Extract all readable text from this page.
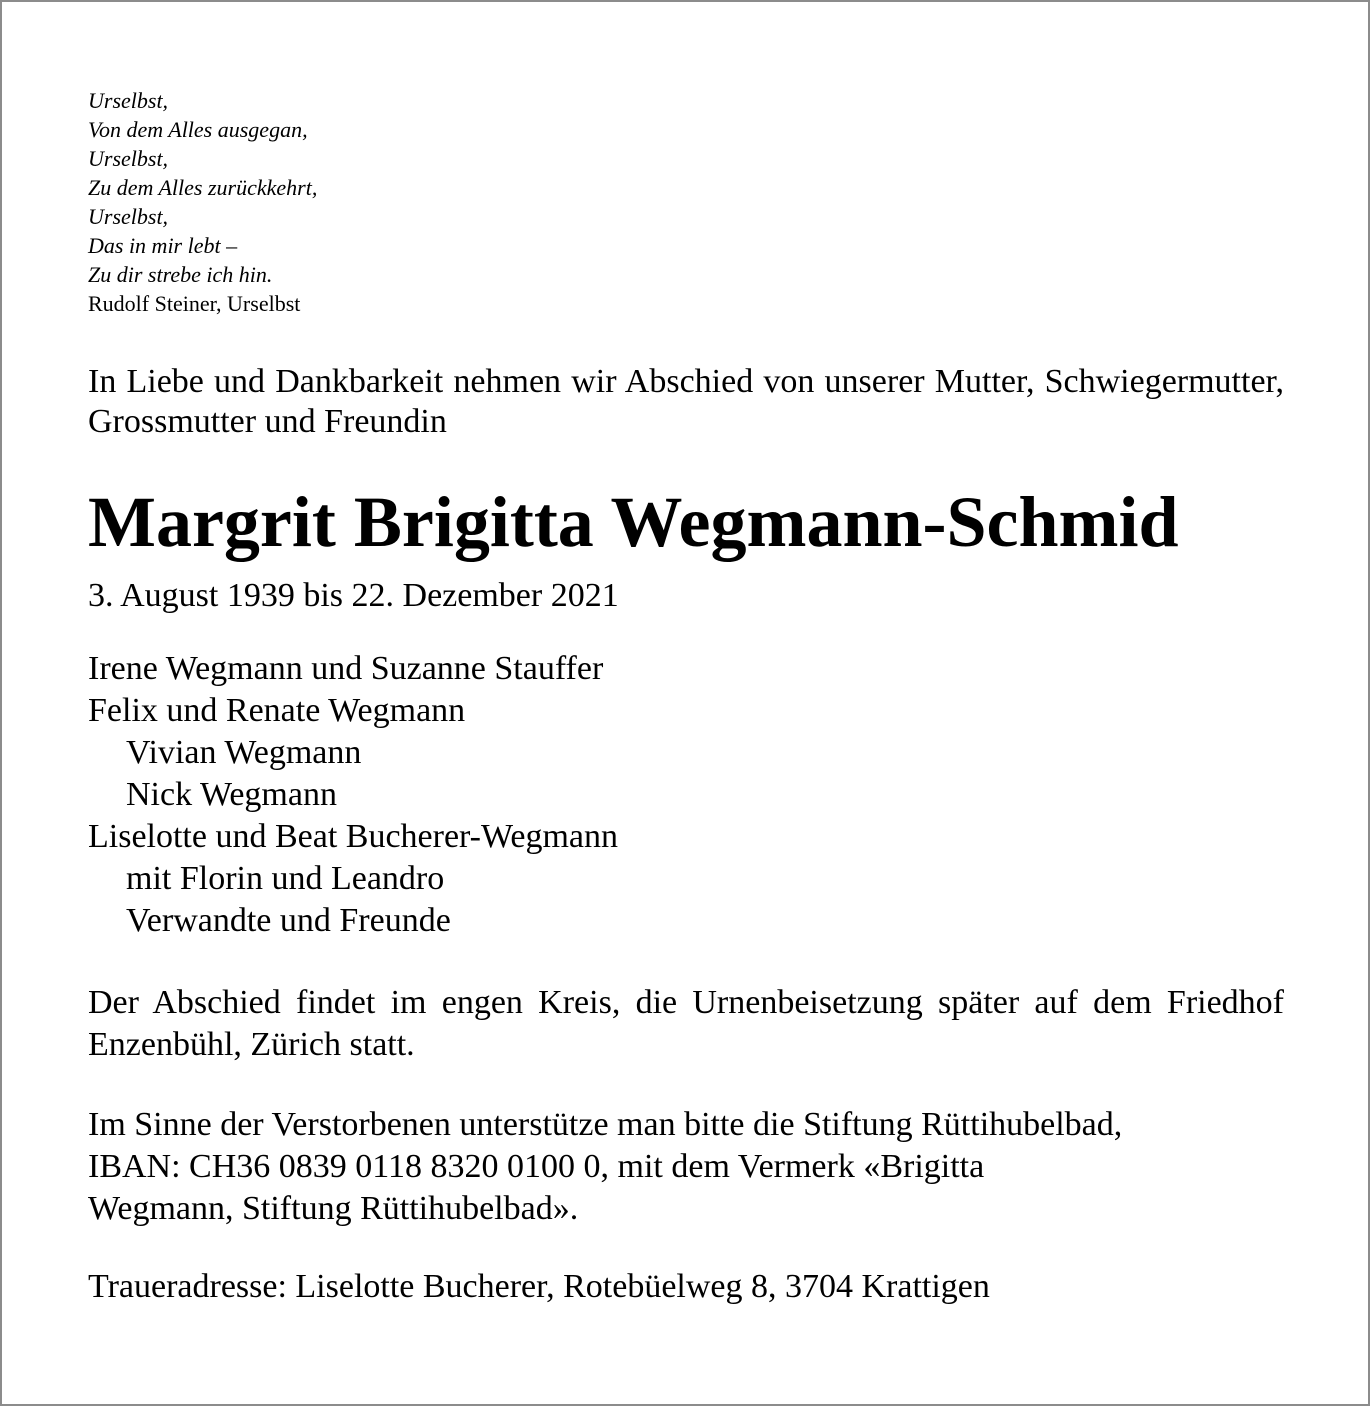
Urselbst,
Von dem Alles ausgegan,
Urselbst,
Zu dem Alles zurückkehrt,
Urselbst,
Das in mir lebt –
Zu dir strebe ich hin.
Rudolf Steiner, Urselbst
In Liebe und Dankbarkeit nehmen wir Abschied von unserer Mutter, Schwiegermutter, Grossmutter und Freundin
Margrit Brigitta Wegmann-Schmid
3. August 1939 bis 22. Dezember 2021
Irene Wegmann und Suzanne Stauffer
Felix und Renate Wegmann
Vivian Wegmann
Nick Wegmann
Liselotte und Beat Bucherer-Wegmann
mit Florin und Leandro
Verwandte und Freunde
Der Abschied findet im engen Kreis, die Urnenbeisetzung später auf dem Friedhof Enzenbühl, Zürich statt.
Im Sinne der Verstorbenen unterstütze man bitte die Stiftung Rüttihubelbad,
IBAN: CH36 0839 0118 8320 0100 0, mit dem Vermerk «Brigitta
Wegmann, Stiftung Rüttihubelbad».
Traueradresse: Liselotte Bucherer, Rotebüelweg 8, 3704 Krattigen
